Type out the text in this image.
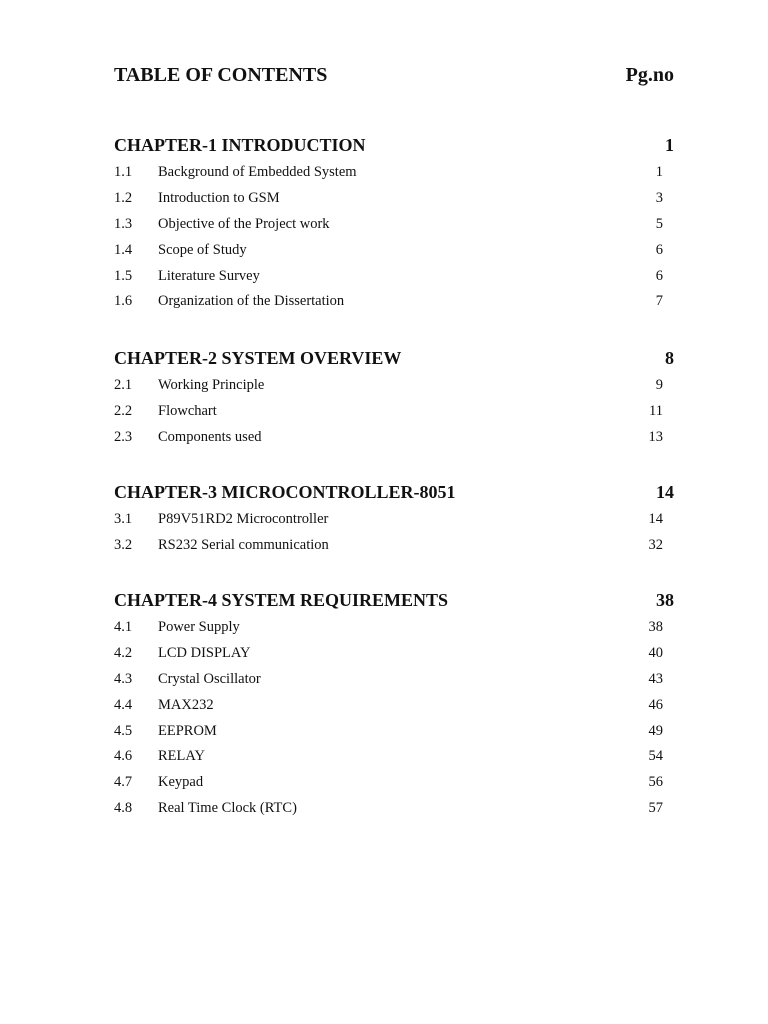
TABLE OF CONTENTS	Pg.no
CHAPTER-1 INTRODUCTION	1
1.1 Background of Embedded System	1
1.2 Introduction to GSM	3
1.3 Objective of the Project work	5
1.4 Scope of Study	6
1.5 Literature Survey	6
1.6 Organization of the Dissertation	7
CHAPTER-2 SYSTEM OVERVIEW	8
2.1 Working Principle	9
2.2 Flowchart	11
2.3 Components used	13
CHAPTER-3 MICROCONTROLLER-8051	14
3.1 P89V51RD2 Microcontroller	14
3.2 RS232 Serial communication	32
CHAPTER-4 SYSTEM REQUIREMENTS	38
4.1 Power Supply	38
4.2 LCD DISPLAY	40
4.3 Crystal Oscillator	43
4.4 MAX232	46
4.5 EEPROM	49
4.6 RELAY	54
4.7 Keypad	56
4.8 Real Time Clock (RTC)	57
